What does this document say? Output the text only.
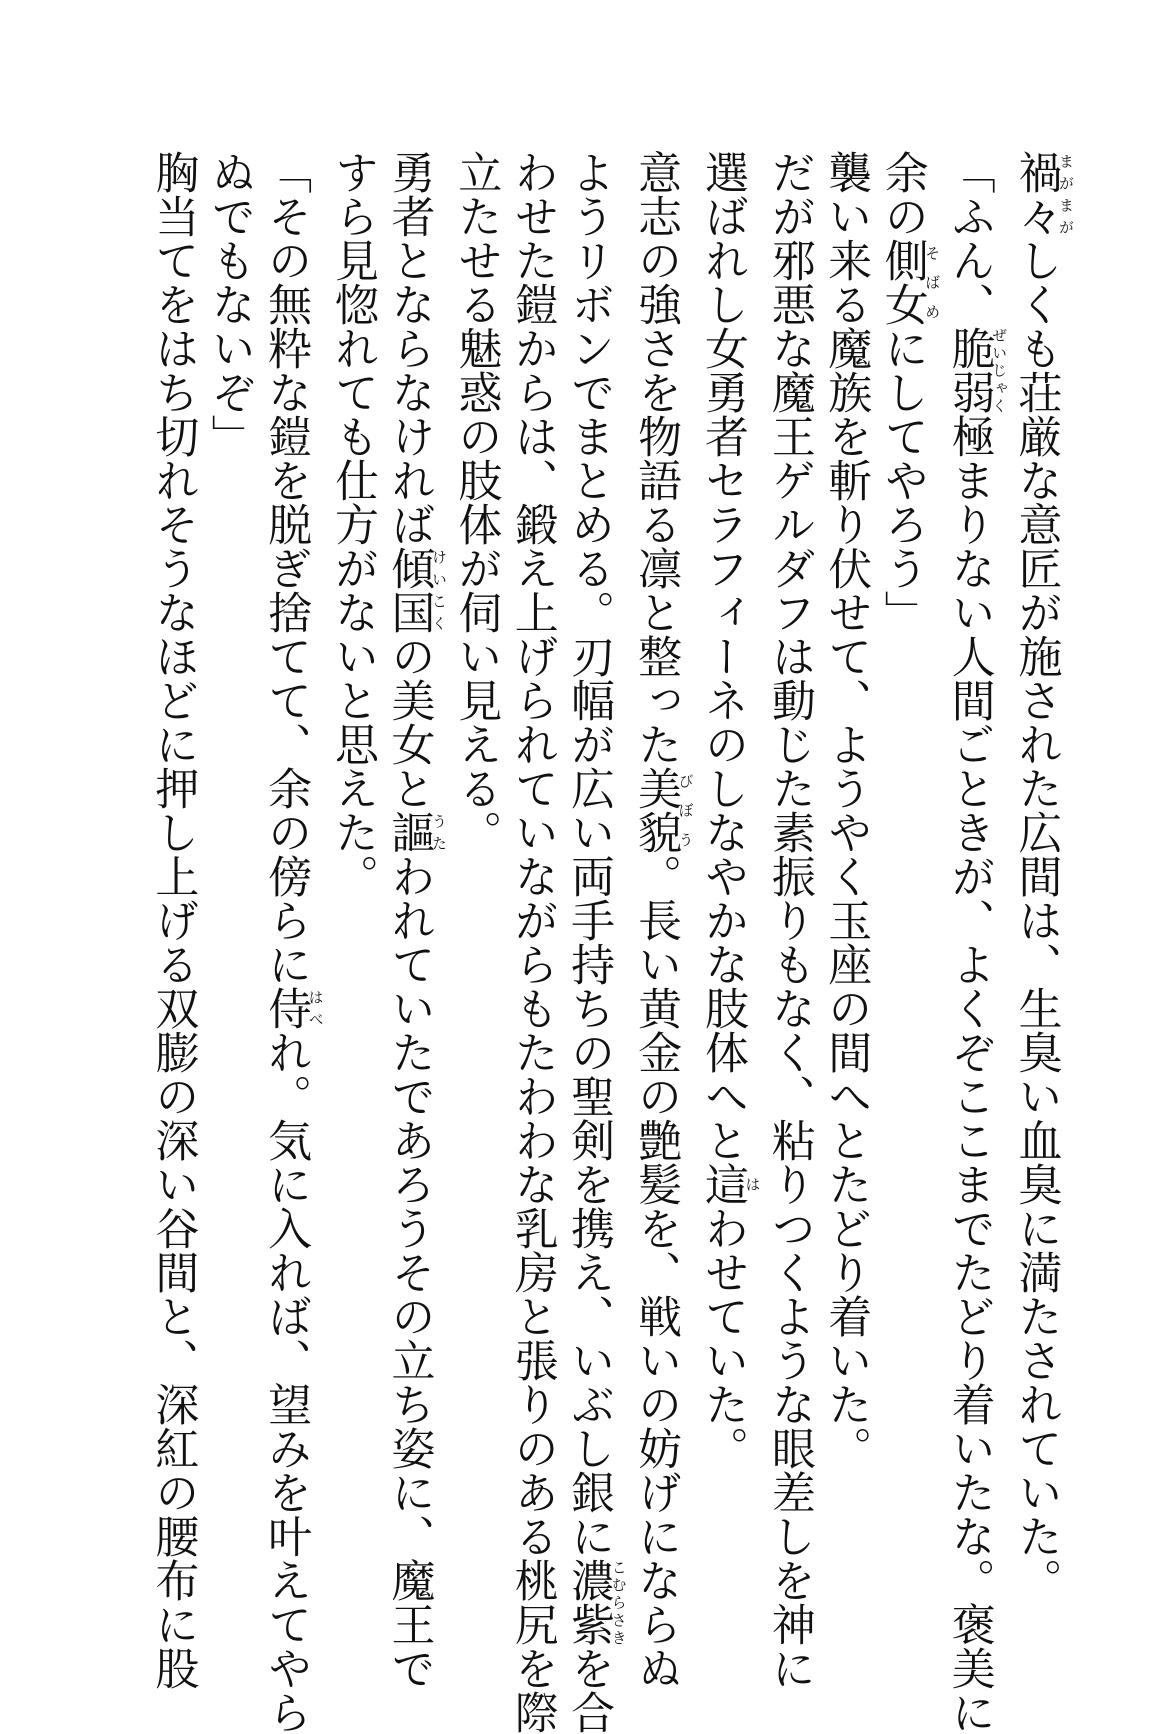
禍々まがまがしくも荘厳な意匠が施された広間は、生臭い血臭に満たされていた。
「ふん、脆弱ぜいじゃく極まりない人間ごときが、よくぞここまでたどり着いたな。褒美に
余の側女そばめにしてやろう」
襲い来る魔族を斬り伏せて、ようやく玉座の間へとたどり着いた。
だが邪悪な魔王ゲルダフは動じた素振りもなく、粘りつくような眼差しを神に
選ばれし女勇者セラフィーネのしなやかな肢体へと這はわせていた。
意志の強さを物語る凛と整った美貌びぼう。長い黄金の艶髪を、戦いの妨げにならぬ
ようリボンでまとめる。刃幅が広い両手持ちの聖剣を携え、いぶし銀に濃紫こむらさきを合
わせた鎧からは、鍛え上げられていながらもたわわな乳房と張りのある桃尻を際
立たせる魅惑の肢体が伺い見える。
勇者とならなければ傾国けいこくの美女と謳うたわれていたであろうその立ち姿に、魔王で
すら見惚れても仕方がないと思えた。
「その無粋な鎧を脱ぎ捨てて、余の傍らに侍はべれ。気に入れば、望みを叶えてやら
ぬでもないぞ」
胸当てをはち切れそうなほどに押し上げる双膨の深い谷間と、深紅の腰布に股
